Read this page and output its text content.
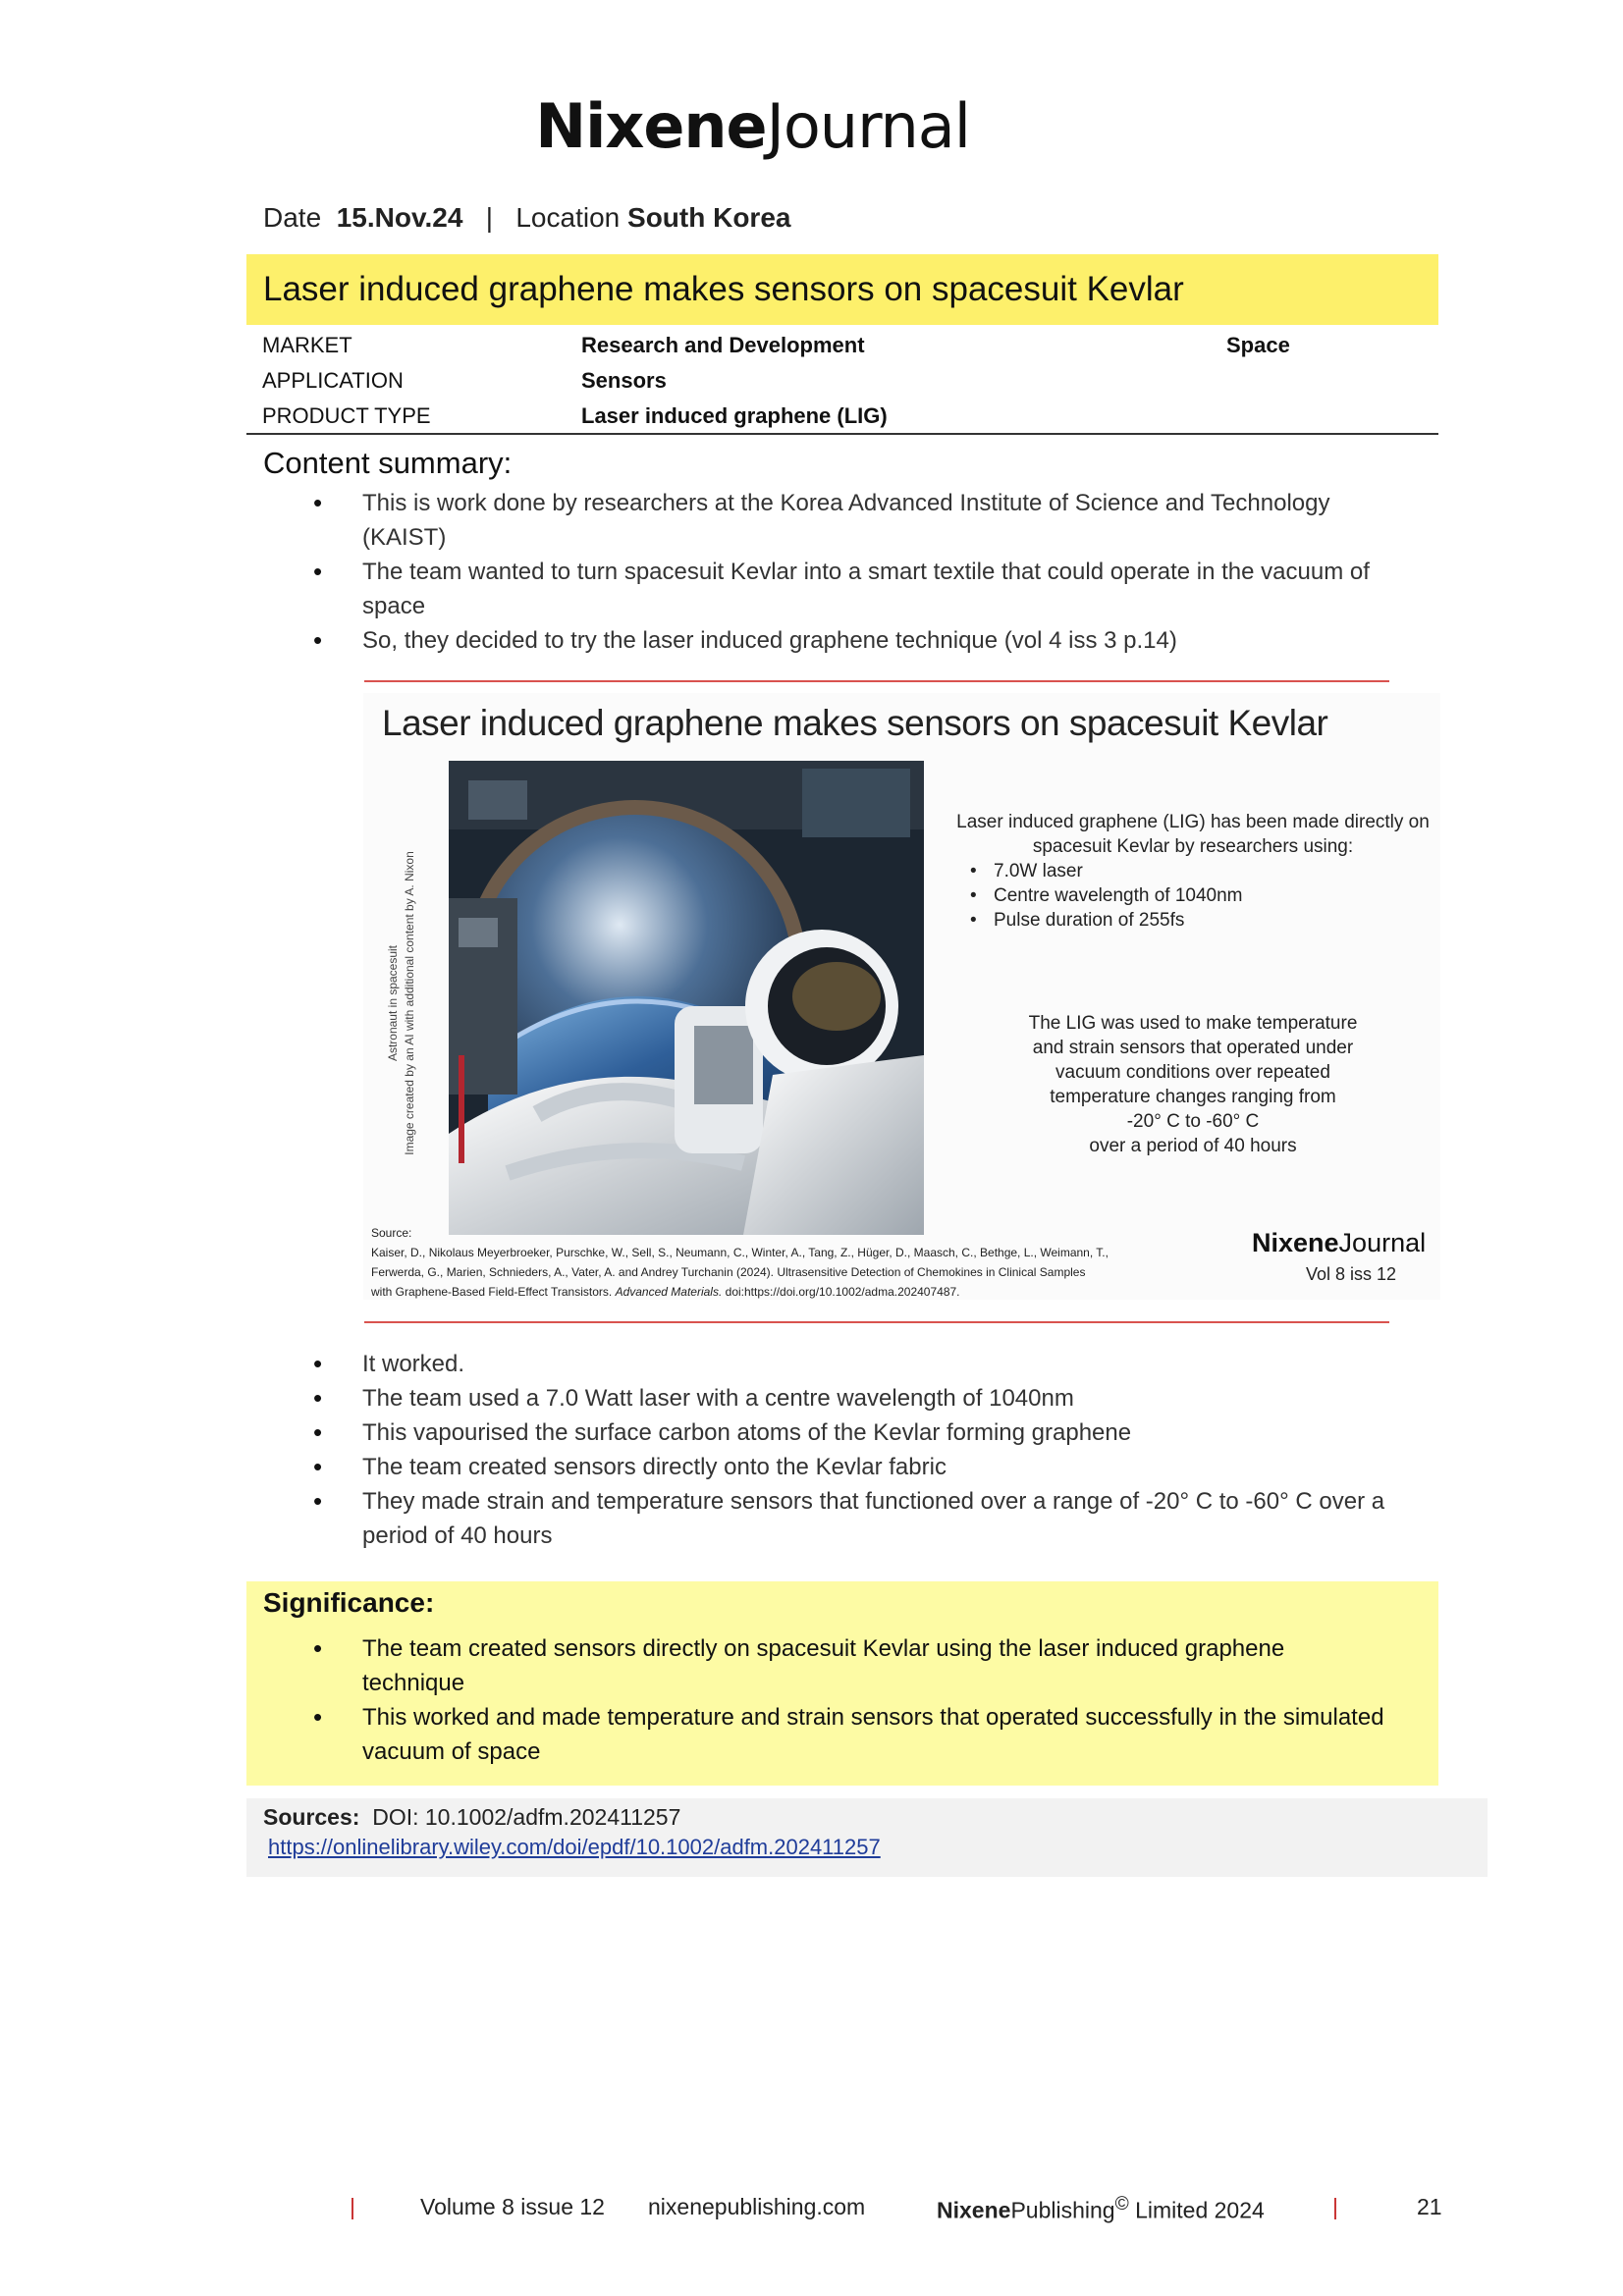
NixeneJournal
Date 15.Nov.24 | Location South Korea
Laser induced graphene makes sensors on spacesuit Kevlar
MARKET	Research and Development	Space
APPLICATION	Sensors	
PRODUCT TYPE	Laser induced graphene (LIG)	
Content summary:
• This is work done by researchers at the Korea Advanced Institute of Science and Technology (KAIST)
• The team wanted to turn spacesuit Kevlar into a smart textile that could operate in the vacuum of space
• So, they decided to try the laser induced graphene technique (vol 4 iss 3 p.14)
Laser induced graphene makes sensors on spacesuit Kevlar
Astronaut in spacesuit Image created by an AI with additional content by A. Nixon
Laser induced graphene (LIG) has been made directly on spacesuit Kevlar by researchers using:
• 7.0W laser
• Centre wavelength of 1040nm
• Pulse duration of 255fs
The LIG was used to make temperature
and strain sensors that operated under
vacuum conditions over repeated
temperature changes ranging from
-20° C to -60° C
over a period of 40 hours
Source:
Kaiser, D., Nikolaus Meyerbroeker, Purschke, W., Sell, S., Neumann, C., Winter, A., Tang, Z., Hüger, D., Maasch, C., Bethge, L., Weimann, T.,
Ferwerda, G., Marien, Schnieders, A., Vater, A. and Andrey Turchanin (2024). Ultrasensitive Detection of Chemokines in Clinical Samples
with Graphene-Based Field-Effect Transistors. Advanced Materials. doi:https://doi.org/10.1002/adma.202407487.
NixeneJournal
Vol 8 iss 12
• It worked.
• The team used a 7.0 Watt laser with a centre wavelength of 1040nm
• This vapourised the surface carbon atoms of the Kevlar forming graphene
• The team created sensors directly onto the Kevlar fabric
• They made strain and temperature sensors that functioned over a range of -20° C to -60° C over a period of 40 hours
Significance:
• The team created sensors directly on spacesuit Kevlar using the laser induced graphene technique
• This worked and made temperature and strain sensors that operated successfully in the simulated vacuum of space
Sources: DOI: 10.1002/adfm.202411257
https://onlinelibrary.wiley.com/doi/epdf/10.1002/adfm.202411257
|	Volume 8 issue 12 nixenepublishing.com	NixenePublishing© Limited 2024	|	21
